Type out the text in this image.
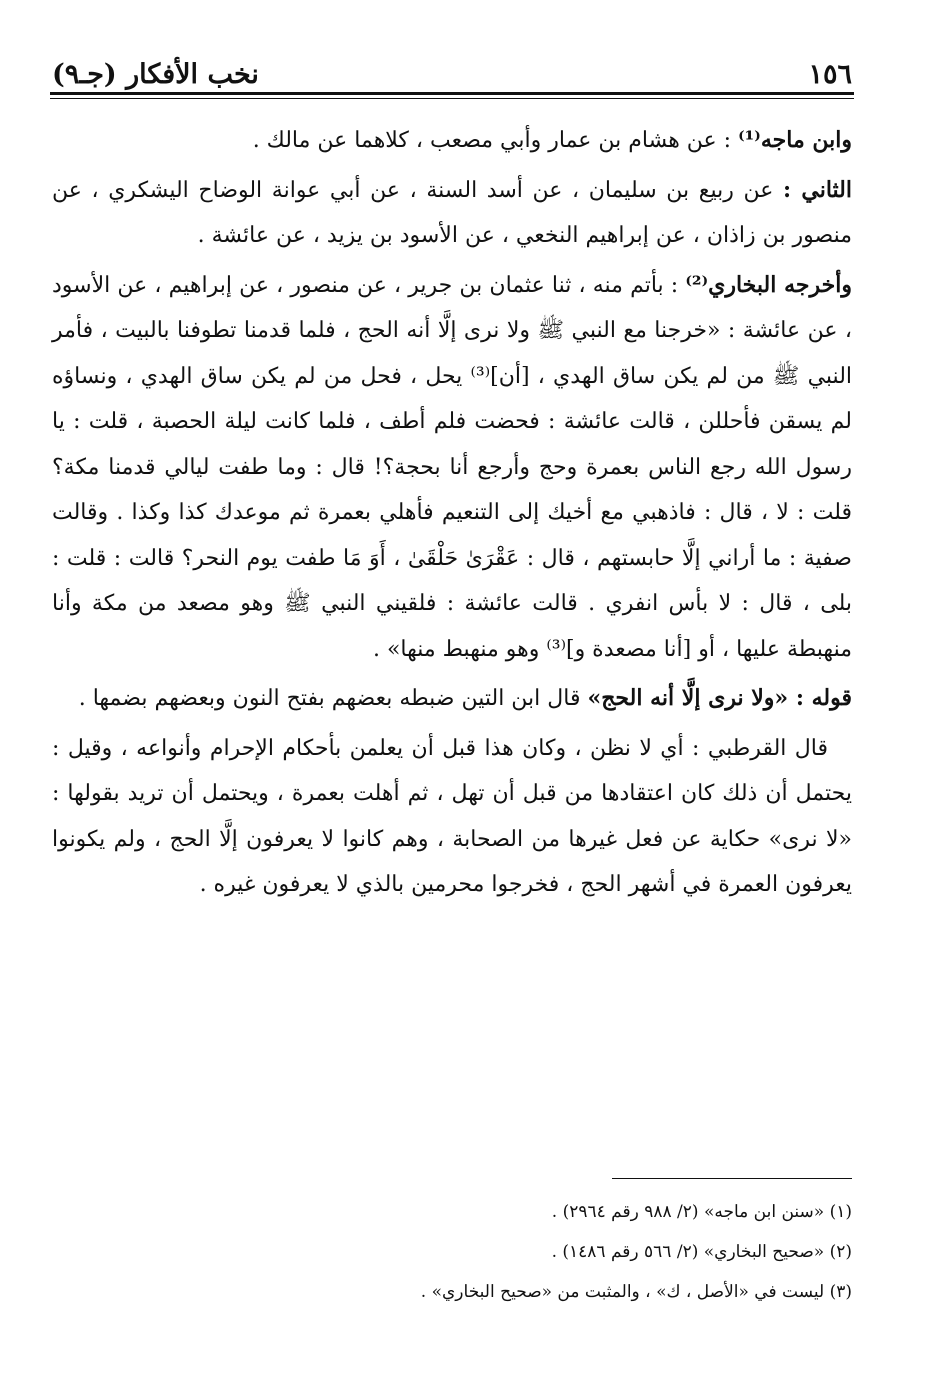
١٥٦
نخب الأفكار (جـ٩)

وابن ماجه⁽¹⁾ : عن هشام بن عمار وأبي مصعب ، كلاهما عن مالك .

الثاني : عن ربيع بن سليمان ، عن أسد السنة ، عن أبي عوانة الوضاح اليشكري ، عن منصور بن زاذان ، عن إبراهيم النخعي ، عن الأسود بن يزيد ، عن عائشة .

وأخرجه البخاري⁽²⁾ : بأتم منه ، ثنا عثمان بن جرير ، عن منصور ، عن إبراهيم ، عن الأسود ، عن عائشة : «خرجنا مع النبي ﷺ ولا نرى إلَّا أنه الحج ، فلما قدمنا تطوفنا بالبيت ، فأمر النبي ﷺ من لم يكن ساق الهدي ، [أن]⁽³⁾ يحل ، فحل من لم يكن ساق الهدي ، ونساؤه لم يسقن فأحللن ، قالت عائشة : فحضت فلم أطف ، فلما كانت ليلة الحصبة ، قلت : يا رسول الله رجع الناس بعمرة وحج وأرجع أنا بحجة؟! قال : وما طفت ليالي قدمنا مكة؟ قلت : لا ، قال : فاذهبي مع أخيك إلى التنعيم فأهلي بعمرة ثم موعدك كذا وكذا . وقالت صفية : ما أراني إلَّا حابستهم ، قال : عَقْرَىٰ حَلْقَىٰ ، أَوَ مَا طفت يوم النحر؟ قالت : قلت : بلى ، قال : لا بأس انفري . قالت عائشة : فلقيني النبي ﷺ وهو مصعد من مكة وأنا منهبطة عليها ، أو [أنا مصعدة و]⁽³⁾ وهو منهبط منها» .

قوله : «ولا نرى إلَّا أنه الحج» قال ابن التين ضبطه بعضهم بفتح النون وبعضهم بضمها .

قال القرطبي : أي لا نظن ، وكان هذا قبل أن يعلمن بأحكام الإحرام وأنواعه ، وقيل : يحتمل أن ذلك كان اعتقادها من قبل أن تهل ، ثم أهلت بعمرة ، ويحتمل أن تريد بقولها : «لا نرى» حكاية عن فعل غيرها من الصحابة ، وهم كانوا لا يعرفون إلَّا الحج ، ولم يكونوا يعرفون العمرة في أشهر الحج ، فخرجوا محرمين بالذي لا يعرفون غيره .

(١) «سنن ابن ماجه» (٢/ ٩٨٨ رقم ٢٩٦٤) .
(٢) «صحيح البخاري» (٢/ ٥٦٦ رقم ١٤٨٦) .
(٣) ليست في «الأصل ، ك» ، والمثبت من «صحيح البخاري» .
